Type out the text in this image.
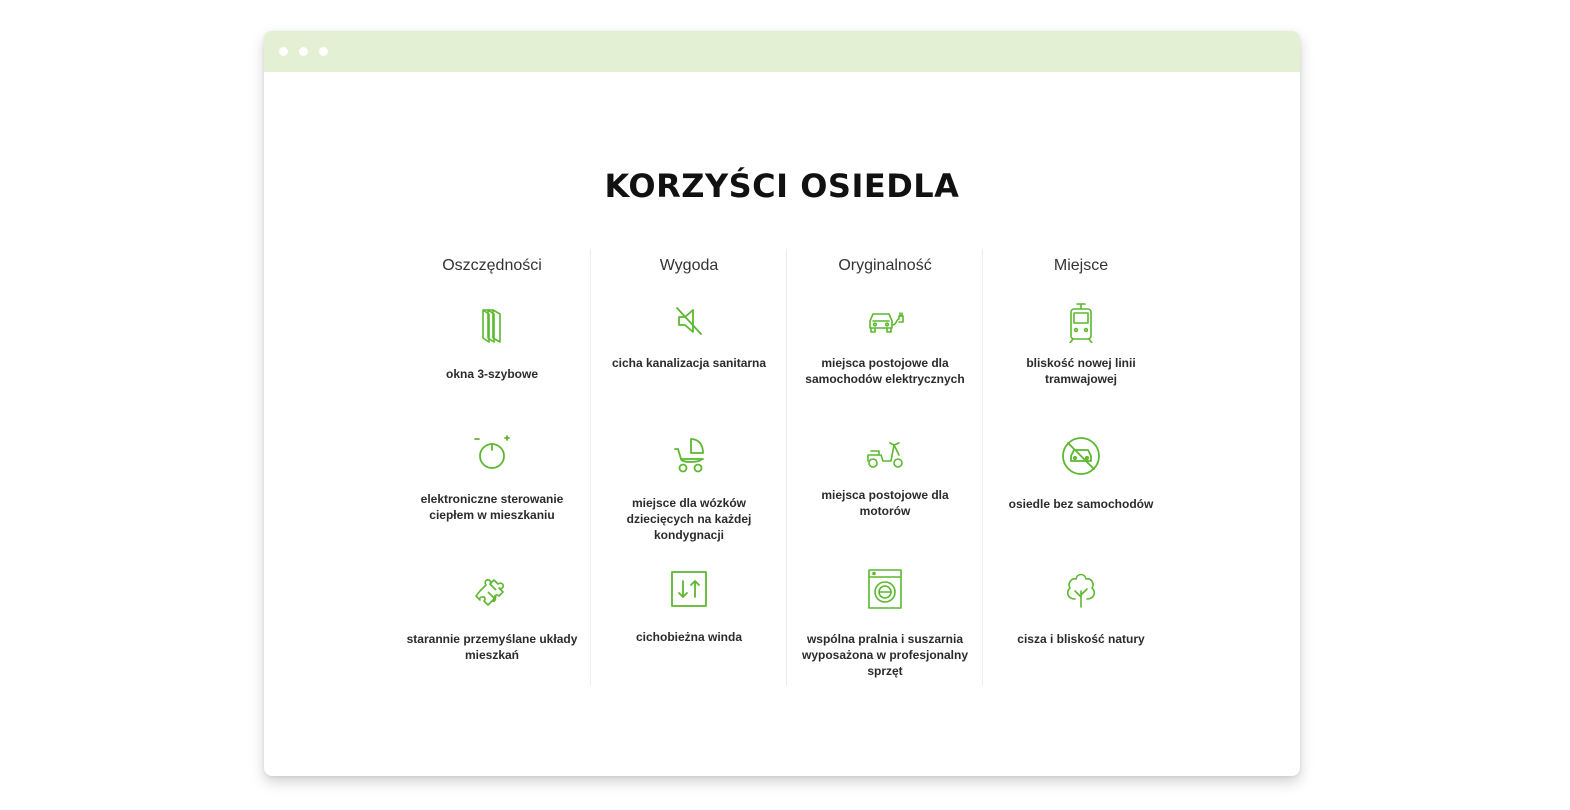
KORZYŚCI OSIEDLA
Oszczędności
okna 3-szybowe
elektroniczne sterowanie ciepłem w mieszkaniu
starannie przemyślane układy mieszkań
Wygoda
cicha kanalizacja sanitarna
miejsce dla wózków dziecięcych na każdej kondygnacji
cichobieżna winda
Oryginalność
miejsca postojowe dla samochodów elektrycznych
miejsca postojowe dla motorów
wspólna pralnia i suszarnia wyposażona w profesjonalny sprzęt
Miejsce
bliskość nowej linii tramwajowej
osiedle bez samochodów
cisza i bliskość natury
